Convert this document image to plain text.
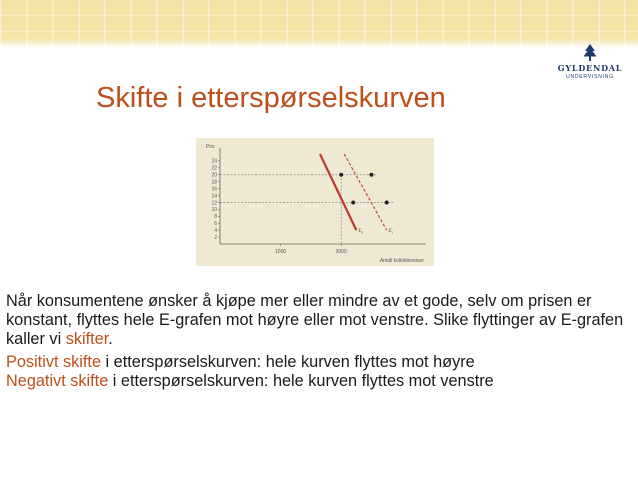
GYLDENDAL
UNDERVISNING
Skifte i etterspørselskurven
2
4
6
8
10
12
14
16
18
20
22
24
1000	2000
Pris
Antall kollektivreiser
$E_0$	$E_1$

Når konsumentene ønsker å kjøpe mer eller mindre av et gode, selv om prisen er konstant, flyttes hele E-grafen mot høyre eller mot venstre. Slike flyttinger av E-grafen kaller vi skifter.

Positivt skifte i etterspørselskurven: hele kurven flyttes mot høyre

Negativt skifte i etterspørselskurven: hele kurven flyttes mot venstre
